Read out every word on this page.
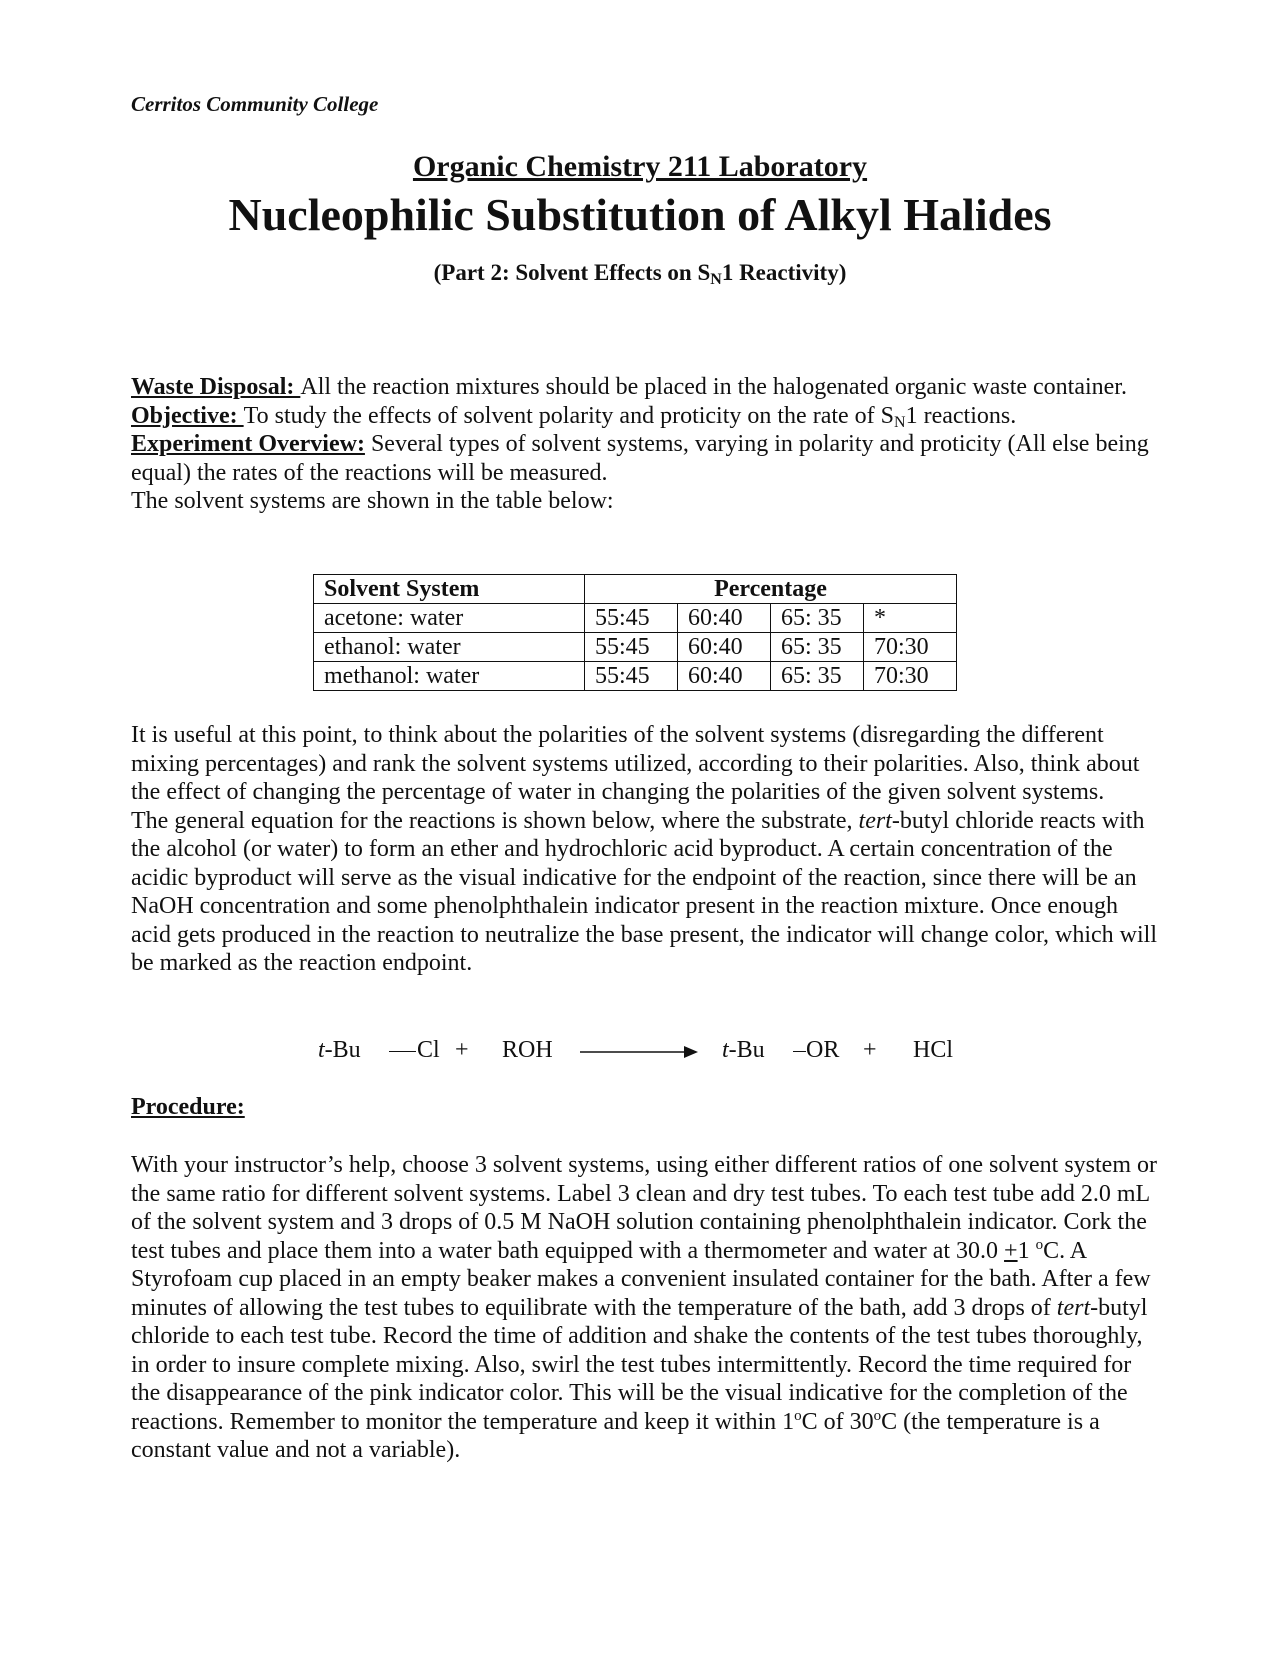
Cerritos Community College
Organic Chemistry 211 Laboratory
Nucleophilic Substitution of Alkyl Halides
(Part 2: Solvent Effects on $S_N1$ Reactivity)
Waste Disposal: All the reaction mixtures should be placed in the halogenated organic waste container.
Objective: To study the effects of solvent polarity and proticity on the rate of $S_N1$ reactions.
Experiment Overview: Several types of solvent systems, varying in polarity and proticity (All else being equal) the rates of the reactions will be measured.
The solvent systems are shown in the table below:
Solvent System	Percentage			
acetone: water	55:45	60:40	65: 35	*
ethanol: water	55:45	60:40	65: 35	70:30
methanol: water	55:45	60:40	65: 35	70:30
It is useful at this point, to think about the polarities of the solvent systems (disregarding the different mixing percentages) and rank the solvent systems utilized, according to their polarities. Also, think about the effect of changing the percentage of water in changing the polarities of the given solvent systems.
The general equation for the reactions is shown below, where the substrate, tert-butyl chloride reacts with the alcohol (or water) to form an ether and hydrochloric acid byproduct. A certain concentration of the acidic byproduct will serve as the visual indicative for the endpoint of the reaction, since there will be an NaOH concentration and some phenolphthalein indicator present in the reaction mixture. Once enough acid gets produced in the reaction to neutralize the base present, the indicator will change color, which will be marked as the reaction endpoint.
t-Bu Cl + ROH	t-Bu OR + HCl
Procedure:
With your instructor’s help, choose 3 solvent systems, using either different ratios of one solvent system or the same ratio for different solvent systems. Label 3 clean and dry test tubes. To each test tube add 2.0 mL of the solvent system and 3 drops of 0.5 M NaOH solution containing phenolphthalein indicator. Cork the test tubes and place them into a water bath equipped with a thermometer and water at 30.0 +1 $^o$C. A Styrofoam cup placed in an empty beaker makes a convenient insulated container for the bath. After a few minutes of allowing the test tubes to equilibrate with the temperature of the bath, add 3 drops of tert-butyl chloride to each test tube. Record the time of addition and shake the contents of the test tubes thoroughly, in order to insure complete mixing. Also, swirl the test tubes intermittently. Record the time required for the disappearance of the pink indicator color. This will be the visual indicative for the completion of the reactions. Remember to monitor the temperature and keep it within 1$^o$C of 30$^o$C (the temperature is a constant value and not a variable).
